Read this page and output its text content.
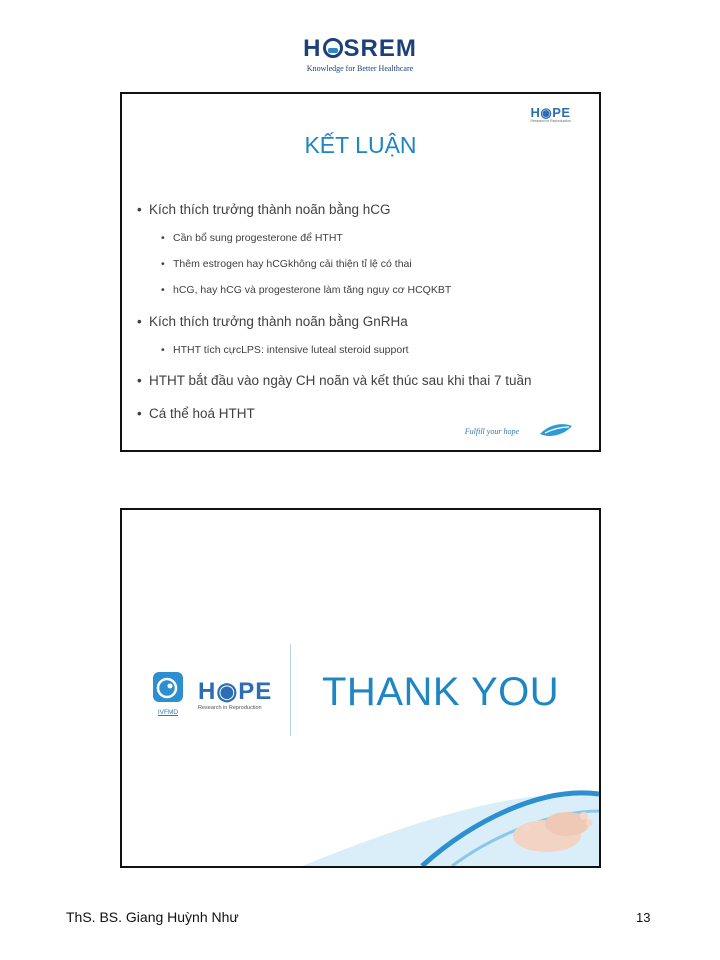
H SREM
Knowledge for Better Healthcare
H◉PE
Research in Reproduction
KẾT LUẬN
• Kích thích trưởng thành noãn bằng hCG
• Cần bổ sung progesterone để HTHT
• Thêm estrogen hay hCGkhông cải thiện tỉ lệ có thai
• hCG, hay hCG và progesterone làm tăng nguy cơ HCQKBT
• Kích thích trưởng thành noãn bằng GnRHa
• HTHT tích cựcLPS: intensive luteal steroid support
• HTHT bắt đầu vào ngày CH noãn và kết thúc sau khi thai 7 tuần
• Cá thể hoá HTHT
Fulfill your hope
IVFMD
H◉PE
Research in Reproduction THANK YOU
ThS. BS. Giang Huỳnh Như	13
